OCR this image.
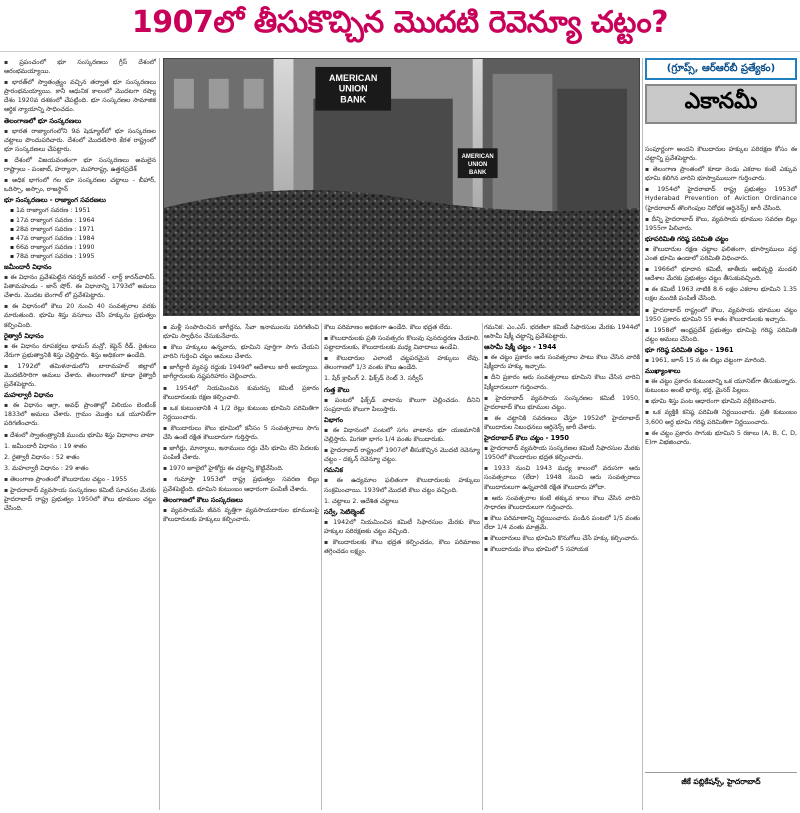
1907లో తీసుకొచ్చిన మొదటి రెవెన్యూ చట్టం?

▪ ప్రపంచంలో భూ సంస్కరణలు గ్రీస్ దేశంలో ఆరంభమయ్యాయి.

▪ భారత్‌లో స్వాతంత్ర్యం వచ్చిన తర్వాత భూ సంస్కరణలు ప్రారంభమయ్యాయి. కానీ ఆధునిక కాలంలో మొదటగా రష్యా దేశం 1920వ దశకంలో చేపట్టింది. భూ సంస్కరణల సామాజిక ఆర్థిక న్యాయాన్ని సాధించడం.

తెలంగాణలో భూ సంస్కరణలు

▪ భారత రాజ్యాంగంలోని 9వ షెడ్యూల్‌లో భూ సంస్కరణల చట్టాలు పొందుపరిచారు. దేశంలో మొదటిసారి కేరళ రాష్ట్రంలో భూ సంస్కరణలు చేపట్టారు.

▪ దేశంలో విజయవంతంగా భూ సంస్కరణలు అమలైన రాష్ట్రాలు - పంజాబ్, హర్యానా, మహారాష్ట్ర, ఉత్తరప్రదేశ్

▪ అధిక భాగంలో గల భూ సంస్కరణల చట్టాలు - బీహార్, ఒరిస్సా, అస్సాం, రాజస్థాన్

భూ సంస్కరణలు - రాజ్యాంగ సవరణలు

▪ 1వ రాజ్యాంగ సవరణ : 1951

▪ 17వ రాజ్యాంగ సవరణ : 1964

▪ 28వ రాజ్యాంగ సవరణ : 1971

▪ 47వ రాజ్యాంగ సవరణ : 1984

▪ 66వ రాజ్యాంగ సవరణ : 1990

▪ 78వ రాజ్యాంగ సవరణ : 1995

జమీందారీ విధానం

▪ ఈ విధానం ప్రవేశపెట్టిన గవర్నర్ జనరల్ - లార్డ్ కారన్‌వాలిస్. పితామహుడు - జాన్ షోర్. ఈ విధానాన్ని 1793లో అమలు చేశారు. మొదట బెంగాల్ లో ప్రవేశపెట్టారు.

▪ ఈ విధానంలో కౌలు 20 నుంచి 40 సంవత్సరాల వరకు మారుతుంది. భూమి శిస్తు వసూలు చేసే హక్కును ప్రభుత్వం కల్పించింది.

రైత్వారీ విధానం

▪ ఈ విధానం రూపకర్తలు థామస్ మన్రో, కెప్టెన్ రీడ్. రైతులు నేరుగా ప్రభుత్వానికి శిస్తు చెల్లిస్తారు. శిస్తు అధికంగా ఉండేది.

▪ 1792లో తమిళనాడులోని బారామహల్ జిల్లాలో మొదటిసారిగా అమలు చేశారు. తెలంగాణలో కూడా రైత్వారీ ప్రవేశపెట్టారు.

మహల్వారీ విధానం

▪ ఈ విధానం ఆగ్రా, అవధ్ ప్రాంతాల్లో విలియం బెంటింక్ 1833లో అమలు చేశారు. గ్రామం మొత్తం ఒక యూనిట్‌గా పరిగణించారు.

▪ దేశంలో స్వాతంత్ర్యానికి ముందు భూమి శిస్తు విధానాల వాటా

1. జమీందారీ విధానం : 19 శాతం

2. రైత్వారీ విధానం : 52 శాతం

3. మహల్వారీ విధానం : 29 శాతం

▪ తెలంగాణ ప్రాంతంలో కౌలుదారుల చట్టం - 1955

▪ హైదరాబాద్ వ్యవసాయ సంస్కరణల కమిటీ సూచనల మేరకు హైదరాబాద్ రాష్ట్ర ప్రభుత్వం 1950లో కౌలు భూముల చట్టం చేసింది.

AMERICAN
UNION
BANK
AMERICAN
UNION
BANK

▪ మళ్లీ సంపాదించిన జాగీర్లను, సేవా ఇనాములను పరిగణించి భూమి స్వాధీనం చేసుకునేవారు.

▪ కౌలు హక్కులు ఉన్నవారు, భూమిని పూర్తిగా సాగు చేయని వారిని గుర్తించి చట్టం అమలు చేశారు.

▪ జాగీర్దారీ వ్యవస్థ రద్దుకు 1949లో ఆదేశాలు జారీ అయ్యాయి. జాగీర్దారులకు నష్టపరిహారం చెల్లించారు.

▪ 1954లో నియమించిన కుమరప్ప కమిటీ ప్రకారం కౌలుదారులకు రక్షణ కల్పించాలి.

▪ ఒక కుటుంబానికి 4 1/2 రెట్లు కుటుంబ భూమిని పరిమితిగా నిర్ణయించారు.

▪ కౌలుదారులు కౌలు భూమిలో కనీసం 5 సంవత్సరాలు సాగు చేసి ఉంటే రక్షిత కౌలుదారుగా గుర్తిస్తారు.

▪ జాగీర్లు, మాన్యాలు, ఇనాములు రద్దు చేసి భూమి లేని పేదలకు పంపిణీ చేశారు.

▪ 1970 జూలైలో హైకోర్టు ఈ చట్టాన్ని కొట్టివేసింది.

▪ గుమాస్తా 1953లో రాష్ట్ర ప్రభుత్వం సవరణ బిల్లు ప్రవేశపెట్టింది. భూమిని కుటుంబం ఆధారంగా పంపిణీ చేశారు.

తెలంగాణలో కౌలు సంస్కరణలు

▪ వ్యవసాయమే జీవన వృత్తిగా వ్యవసాయదారుల భూములపై కౌలుదారులకు హక్కులు కల్పించారు.

కౌలు పరిమాణం అధికంగా ఉండేది. కౌలు భద్రత లేదు.

▪ కౌలుదారులకు ప్రతి సంవత్సరం కొలువు పునరుద్ధరణ చేయాలి. పట్టాదారులకు, కౌలుదారులకు మధ్య వివాదాలు ఉండేవి.

▪ కౌలుదారుల ఎలాంటి చట్టపరమైన హక్కులు లేవు. తెలంగాణలో 1/3 వంతు కౌలు ఉండేది.

1. షేర్ క్రాపింగ్ 2. ఫిక్స్‌డ్ రెంట్ 3. సర్వీస్

గుత్త కౌలు

▪ పంటలో ఫిక్స్‌డ్ వాటాను కౌలుగా చెల్లించడం. దీనిని సంప్రదాయ కౌలుగా పిలుస్తారు.

విభాగం

▪ ఈ విధానంలో పంటలో సగం వాటాను భూ యజమానికి చెల్లిస్తారు. మిగతా భాగం 1/4 వంతు కౌలుదారుకు.

▪ హైదరాబాద్ రాష్ట్రంలో 1907లో తీసుకొచ్చిన మొదటి రెవెన్యూ చట్టం - దక్కన్ రెవెన్యూ చట్టం.

గమనిక

▪ ఈ ఉద్యమాల ఫలితంగా కౌలుదారులకు హక్కులు సంక్రమించాయి. 1939లో మొదటి కౌలు చట్టం వచ్చింది.

1. చట్టాలు 2. ఆదేశిత చట్టాలు

సర్వే, సెటిల్మెంట్

▪ 1942లో నియమించిన కమిటీ సిఫారసుల మేరకు కౌలు హక్కుల పరిరక్షణకు చట్టం వచ్చింది.

▪ కౌలుదారులకు కౌలు భద్రత కల్పించడం, కౌలు పరిమాణం తగ్గించడం లక్ష్యం.

గమనిక: ఎం.ఎస్. భరణిలా కమిటీ సిఫారసుల మేరకు 1944లో ఆసామీ షిక్మీ చట్టాన్ని ప్రవేశపెట్టారు.

ఆసామీ షిక్మీ చట్టం - 1944

▪ ఈ చట్టం ప్రకారం ఆరు సంవత్సరాల పాటు కౌలు చేసిన వారికి షిక్మీదారు హక్కు ఇచ్చారు.

▪ దీని ప్రకారం ఆరు సంవత్సరాలు భూమిని కౌలు చేసిన వారిని షిక్మీదారులుగా గుర్తించారు.

▪ హైదరాబాద్ వ్యవసాయ సంస్కరణల కమిటీ 1950, హైదరాబాద్ కౌలు భూముల చట్టం.

▪ ఈ చట్టానికి సవరణలు చేస్తూ 1952లో హైదరాబాద్ కౌలుదారుల నిబంధనలు ఆర్డినెన్స్ జారీ చేశారు.

హైదరాబాద్ కౌలు చట్టం - 1950

▪ హైదరాబాద్ వ్యవసాయ సంస్కరణల కమిటీ సిఫారసుల మేరకు 1950లో కౌలుదారుల భద్రత కల్పించారు.

▪ 1933 నుంచి 1943 మధ్య కాలంలో వరుసగా ఆరు సంవత్సరాలు (లేదా) 1948 నుంచి ఆరు సంవత్సరాలు కౌలుదారులుగా ఉన్నవారికి రక్షిత కౌలుదారు హోదా.

▪ ఆరు సంవత్సరాల కంటే తక్కువ కాలం కౌలు చేసిన వారిని సాధారణ కౌలుదారులుగా గుర్తించారు.

▪ కౌలు పరిమాణాన్ని నిర్ణయించారు. పండిన పంటలో 1/5 వంతు లేదా 1/4 వంతు మాత్రమే.

▪ కౌలుదారులు కౌలు భూమిని కొనుగోలు చేసే హక్కు కల్పించారు.

▪ కౌలుదారుడు కౌలు భూమిలో 5 సహాయక

(గ్రూప్స్, ఆర్‌ఆర్‌బీ ప్రత్యేకం)
ఎకానమీ

సంపూర్ణంగా అందని కౌలుదారుల హక్కుల పరిరక్షణ కోసం ఈ చట్టాన్ని ప్రవేశపెట్టారు.

▪ తెలంగాణ ప్రాంతంలో కూడా రెండు ఎకరాల కంటే ఎక్కువ భూమి కలిగిన వారిని భూస్వాములుగా గుర్తించారు.

▪ 1954లో హైదరాబాద్ రాష్ట్ర ప్రభుత్వం 1953లో Hyderabad Prevention of Aviction Ordinance (హైదరాబాద్ తొలగింపుల నిరోధక ఆర్డినెన్స్) జారీ చేసింది.

▪ దీన్ని హైదరాబాద్ కౌలు, వ్యవసాయ భూముల సవరణ బిల్లు 1955గా పిలిచారు.

భూపరిమితి గరిష్ఠ పరిమితి చట్టం

▪ కౌలుదారుల రక్షణ చట్టాల ఫలితంగా, భూస్వాములు వద్ద ఎంత భూమి ఉండాలో పరిమితి విధించారు.

▪ 1966లో భూదాన కమిటీ, జాతీయ అభివృద్ధి మండలి ఆదేశాల మేరకు ప్రభుత్వం చట్టం తీసుకువచ్చింది.

▪ ఈ కమిటీ 1963 నాటికి 8.6 లక్షల ఎకరాల భూమిని 1.35 లక్షల మందికి పంపిణీ చేసింది.

▪ హైదరాబాద్ రాష్ట్రంలో కౌలు, వ్యవసాయ భూముల చట్టం 1950 ప్రకారం భూమిని 55 శాతం కౌలుదారులకు ఇచ్చారు.

▪ 1958లో ఆంధ్రప్రదేశ్ ప్రభుత్వం భూమిపై గరిష్ఠ పరిమితి చట్టం అమలు చేసింది.

భూ గరిష్ఠ పరిమితి చట్టం - 1961

▪ 1961, జూన్ 15 న ఈ బిల్లు చట్టంగా మారింది.

ముఖ్యాంశాలు

▪ ఈ చట్టం ప్రకారం కుటుంబాన్ని ఒక యూనిట్‌గా తీసుకున్నారు. కుటుంబం అంటే భార్య, భర్త, మైనర్ పిల్లలు.

▪ భూమి శిస్తు పంట ఆధారంగా భూమిని వర్గీకరించారు.

▪ ఒక వ్యక్తికి కనిష్ఠ పరిమితి నిర్ణయించారు. ప్రతి కుటుంబం 3,600 అర్ధ భూమి గరిష్ఠ పరిమితిగా నిర్ణయించారు.

▪ ఈ చట్టం ప్రకారం సాగుకు భూమిని 5 రకాలు (A, B, C, D, E)గా విభజించారు.

జీకే పబ్లికేషన్స్, హైదరాబాద్
